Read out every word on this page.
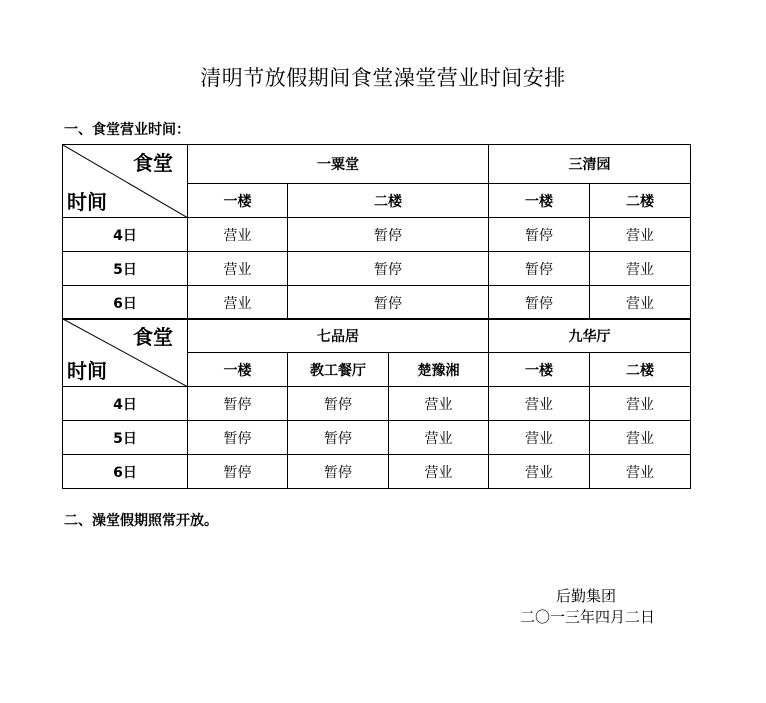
清明节放假期间食堂澡堂营业时间安排
一、食堂营业时间：
食堂
时间	一粟堂		三清园	
	一楼	二楼	一楼	二楼
4日	营业	暂停	暂停	营业
5日	营业	暂停	暂停	营业
6日	营业	暂停	暂停	营业
食堂
时间	七品居			九华厅	
	一楼	教工餐厅	楚豫湘	一楼	二楼
4日	暂停	暂停	营业	营业	营业
5日	暂停	暂停	营业	营业	营业
6日	暂停	暂停	营业	营业	营业
二、澡堂假期照常开放。
后勤集团
二〇一三年四月二日
